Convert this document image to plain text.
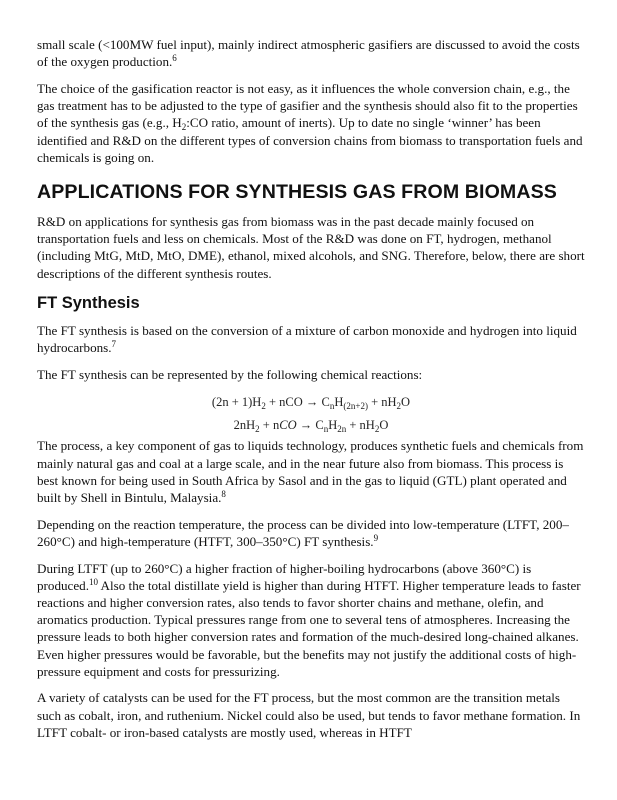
small scale (<100MW fuel input), mainly indirect atmospheric gasifiers are discussed to avoid the costs of the oxygen production.$^6$

The choice of the gasification reactor is not easy, as it influences the whole conversion chain, e.g., the gas treatment has to be adjusted to the type of gasifier and the synthesis should also fit to the properties of the synthesis gas (e.g., $H_2:CO$ ratio, amount of inerts). Up to date no single ‘winner’ has been identified and R&D on the different types of conversion chains from biomass to transportation fuels and chemicals is going on.

APPLICATIONS FOR SYNTHESIS GAS FROM BIOMASS

R&D on applications for synthesis gas from biomass was in the past decade mainly focused on transportation fuels and less on chemicals. Most of the R&D was done on FT, hydrogen, methanol (including MtG, MtD, MtO, DME), ethanol, mixed alcohols, and SNG. Therefore, below, there are short descriptions of the different synthesis routes.

FT Synthesis

The FT synthesis is based on the conversion of a mixture of carbon monoxide and hydrogen into liquid hydrocarbons.$^7$

The FT synthesis can be represented by the following chemical reactions:

$(2n + 1)H_2$ + nCO → $C_nH_{(2n+2)} + nH_2O$
$2nH_2$ + nCO → $C_nH_{2n} + nH_2O$

The process, a key component of gas to liquids technology, produces synthetic fuels and chemicals from mainly natural gas and coal at a large scale, and in the near future also from biomass. This process is best known for being used in South Africa by Sasol and in the gas to liquid (GTL) plant operated and built by Shell in Bintulu, Malaysia.$^8$

Depending on the reaction temperature, the process can be divided into low-temperature (LTFT, 200–260°C) and high-temperature (HTFT, 300–350°C) FT synthesis.$^9$

During LTFT (up to 260°C) a higher fraction of higher-boiling hydrocarbons (above 360°C) is produced.$^{10}$ Also the total distillate yield is higher than during HTFT. Higher temperature leads to faster reactions and higher conversion rates, also tends to favor shorter chains and methane, olefin, and aromatics production. Typical pressures range from one to several tens of atmospheres. Increasing the pressure leads to both higher conversion rates and formation of the much-desired long-chained alkanes. Even higher pressures would be favorable, but the benefits may not justify the additional costs of high-pressure equipment and costs for pressurizing.

A variety of catalysts can be used for the FT process, but the most common are the transition metals such as cobalt, iron, and ruthenium. Nickel could also be used, but tends to favor methane formation. In LTFT cobalt- or iron-based catalysts are mostly used, whereas in HTFT
